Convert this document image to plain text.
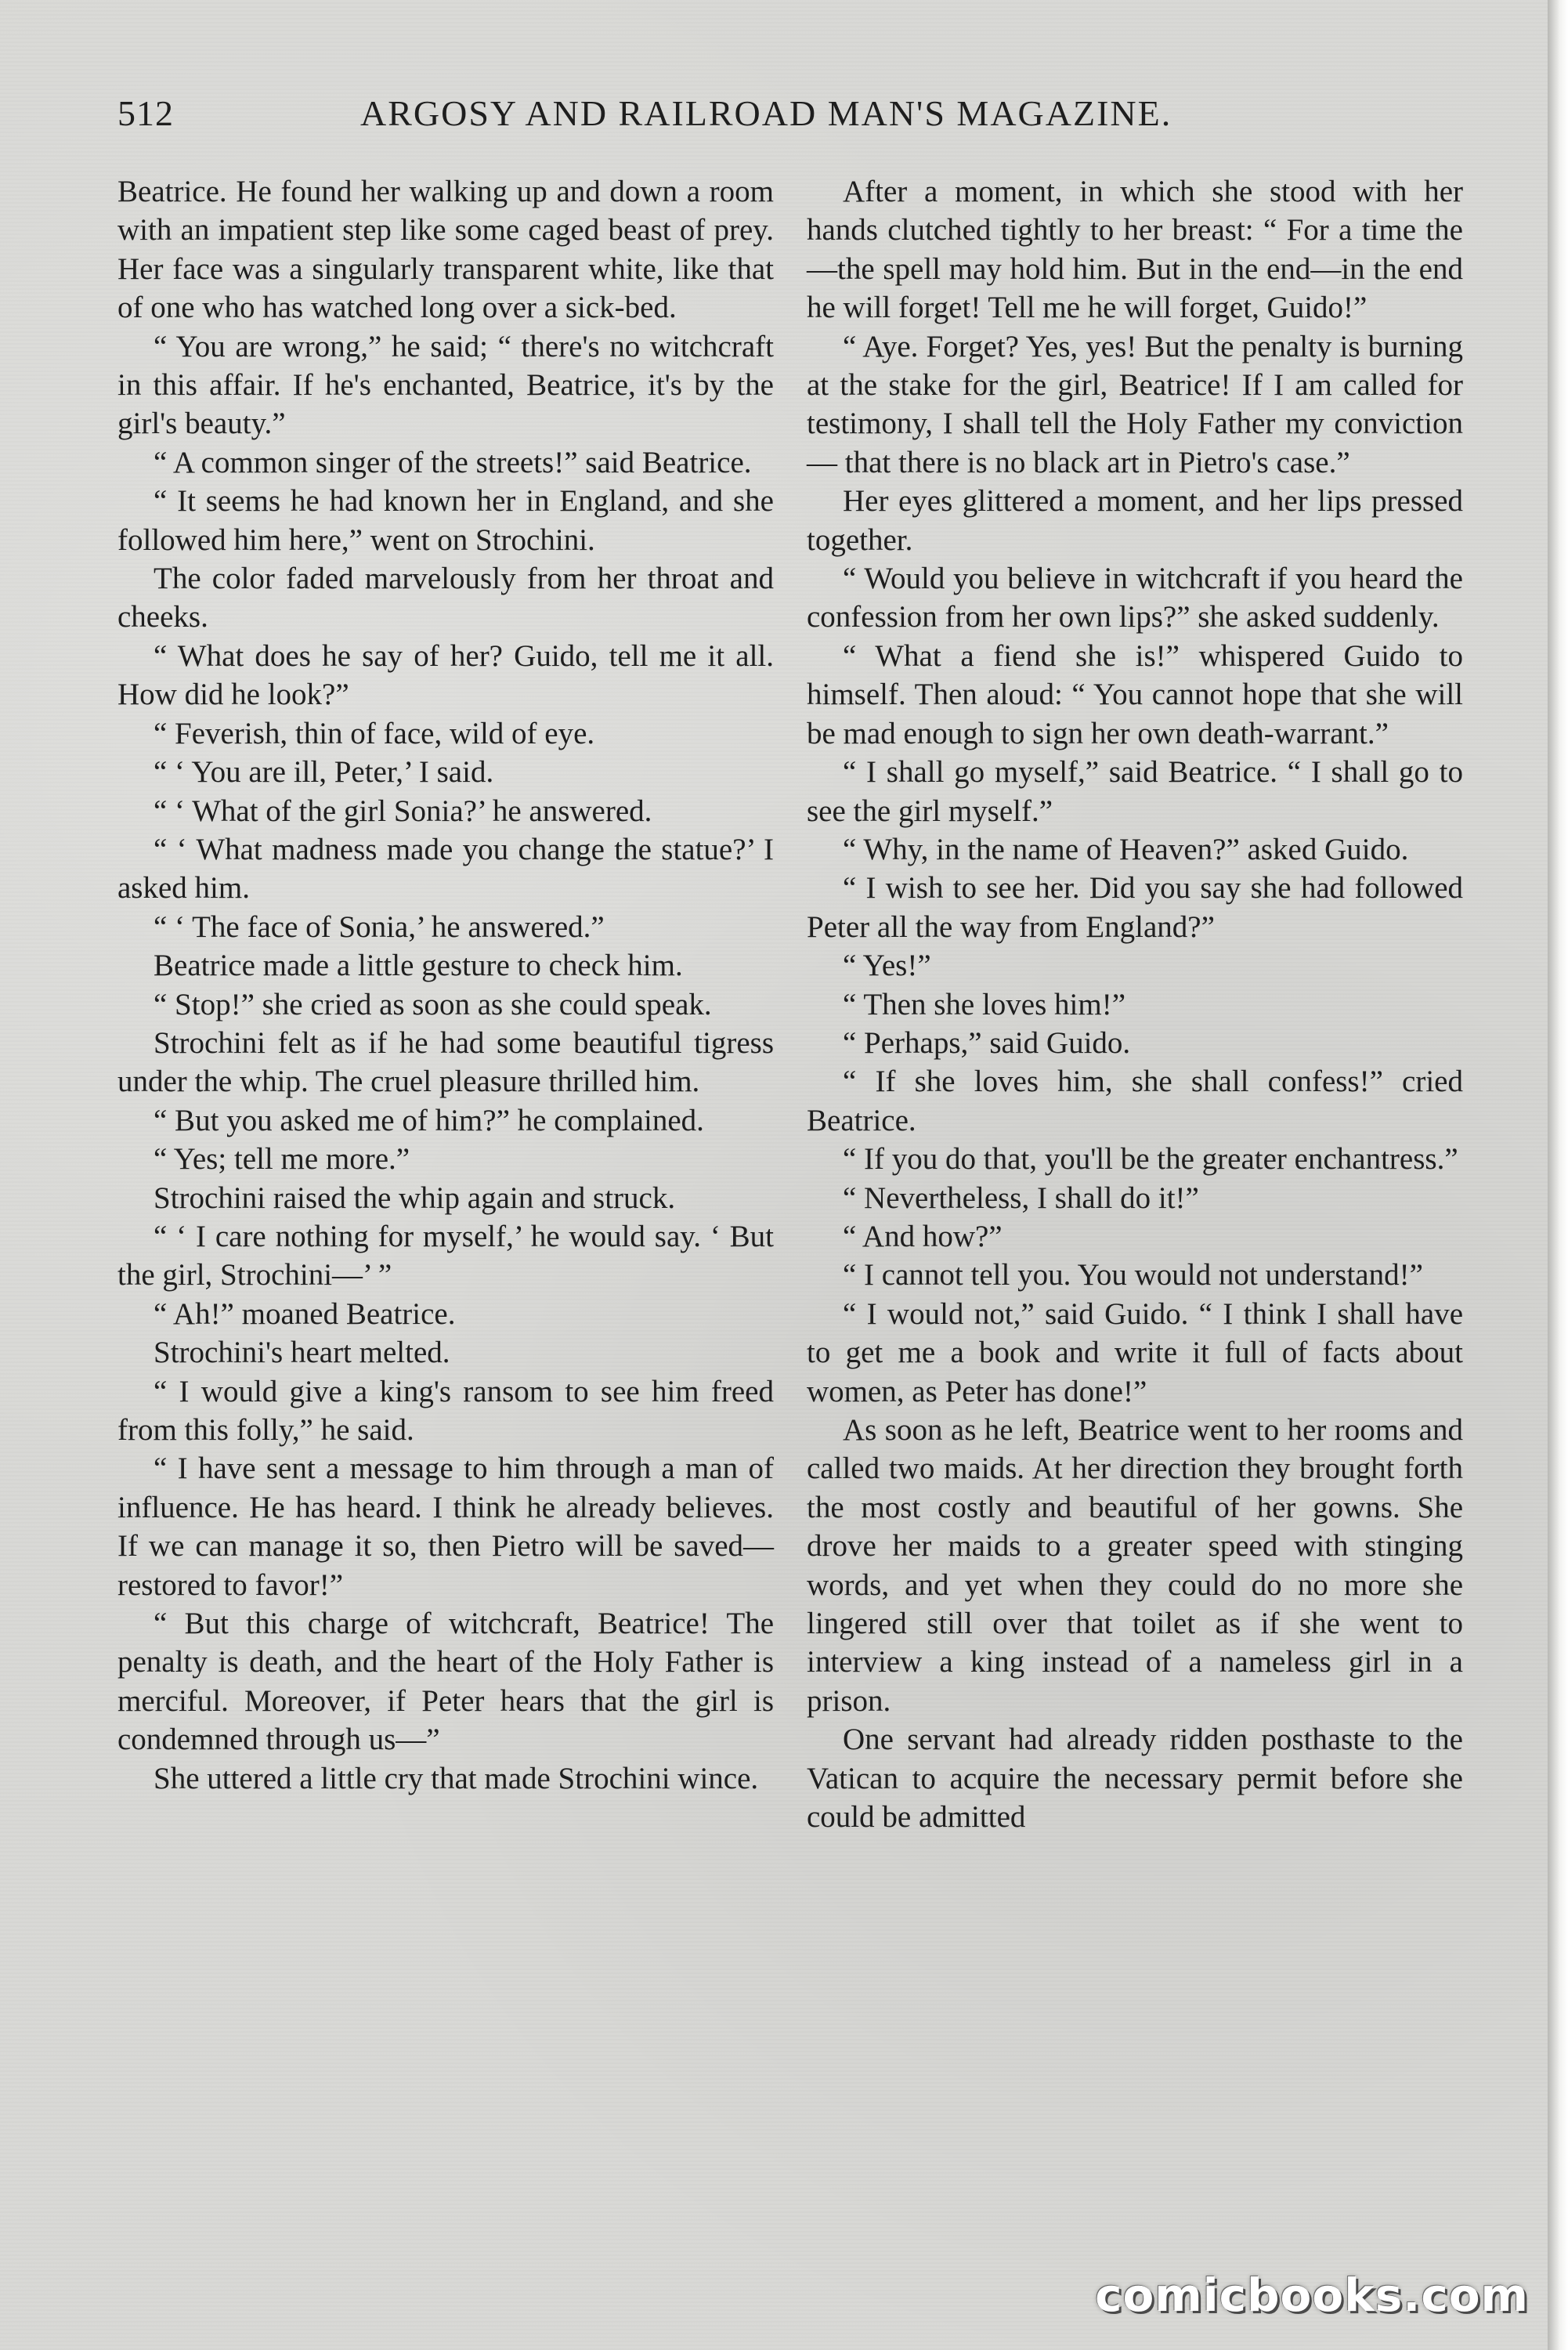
512	ARGOSY AND RAILROAD MAN'S MAGAZINE.

Beatrice. He found her walking up and down a room with an impatient step like some caged beast of prey. Her face was a singularly transparent white, like that of one who has watched long over a sick-bed.

“ You are wrong,” he said; “ there's no witchcraft in this affair. If he's enchanted, Beatrice, it's by the girl's beauty.”

“ A common singer of the streets!” said Beatrice.

“ It seems he had known her in England, and she followed him here,” went on Strochini.

The color faded marvelously from her throat and cheeks.

“ What does he say of her? Guido, tell me it all. How did he look?”

“ Feverish, thin of face, wild of eye.

“ ‘ You are ill, Peter,’ I said.

“ ‘ What of the girl Sonia?’ he answered.

“ ‘ What madness made you change the statue?’ I asked him.

“ ‘ The face of Sonia,’ he answered.”

Beatrice made a little gesture to check him.

“ Stop!” she cried as soon as she could speak.

Strochini felt as if he had some beautiful tigress under the whip. The cruel pleasure thrilled him.

“ But you asked me of him?” he complained.

“ Yes; tell me more.”

Strochini raised the whip again and struck.

“ ‘ I care nothing for myself,’ he would say. ‘ But the girl, Strochini—’ ”

“ Ah!” moaned Beatrice.

Strochini's heart melted.

“ I would give a king's ransom to see him freed from this folly,” he said.

“ I have sent a message to him through a man of influence. He has heard. I think he already believes. If we can manage it so, then Pietro will be saved—restored to favor!”

“ But this charge of witchcraft, Beatrice! The penalty is death, and the heart of the Holy Father is merciful. Moreover, if Peter hears that the girl is condemned through us—”

She uttered a little cry that made Strochini wince.

After a moment, in which she stood with her hands clutched tightly to her breast: “ For a time the—the spell may hold him. But in the end—in the end he will forget! Tell me he will forget, Guido!”

“ Aye. Forget? Yes, yes! But the penalty is burning at the stake for the girl, Beatrice! If I am called for testimony, I shall tell the Holy Father my conviction— that there is no black art in Pietro's case.”

Her eyes glittered a moment, and her lips pressed together.

“ Would you believe in witchcraft if you heard the confession from her own lips?” she asked suddenly.

“ What a fiend she is!” whispered Guido to himself. Then aloud: “ You cannot hope that she will be mad enough to sign her own death-warrant.”

“ I shall go myself,” said Beatrice. “ I shall go to see the girl myself.”

“ Why, in the name of Heaven?” asked Guido.

“ I wish to see her. Did you say she had followed Peter all the way from England?”

“ Yes!”

“ Then she loves him!”

“ Perhaps,” said Guido.

“ If she loves him, she shall confess!” cried Beatrice.

“ If you do that, you'll be the greater enchantress.”

“ Nevertheless, I shall do it!”

“ And how?”

“ I cannot tell you. You would not understand!”

“ I would not,” said Guido. “ I think I shall have to get me a book and write it full of facts about women, as Peter has done!”

As soon as he left, Beatrice went to her rooms and called two maids. At her direction they brought forth the most costly and beautiful of her gowns. She drove her maids to a greater speed with stinging words, and yet when they could do no more she lingered still over that toilet as if she went to interview a king instead of a nameless girl in a prison.

One servant had already ridden posthaste to the Vatican to acquire the necessary permit before she could be admitted

comicbooks.com
